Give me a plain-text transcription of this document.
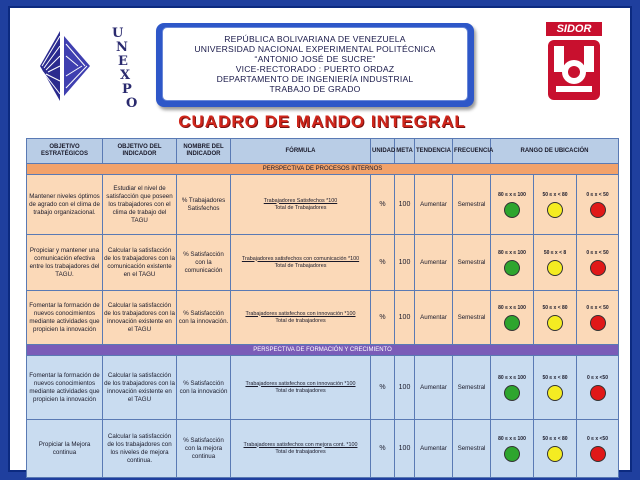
U
N
E
X
P
O
REPÚBLICA BOLIVARIANA DE VENEZUELA
UNIVERSIDAD NACIONAL EXPERIMENTAL POLITÉCNICA
“ANTONIO JOSÉ DE SUCRE”
VICE-RECTORADO : PUERTO ORDAZ
DEPARTAMENTO DE INGENIERÍA INDUSTRIAL
TRABAJO DE GRADO
SIDOR
CUADRO DE MANDO INTEGRAL
OBJETIVO ESTRATÉGICOS	OBJETIVO DEL INDICADOR	NOMBRE DEL INDICADOR	FÓRMULA	UNIDAD	META	TENDENCIA	FRECUENCIA	RANGO DE UBICACIÓN		
PERSPECTIVA DE PROCESOS INTERNOS										
Mantener niveles óptimos de agrado con el clima de trabajo organizacional.	Estudiar el nivel de satisfacción que poseen los trabajadores con el clima de trabajo del TAGU	% Trabajadores Satisfechos	Trabajadores Satisfechos *100
Total de Trabajadores	%	100	Aumentar	Semestral	80 ≤ x ≤ 100	50 ≤ x < 80	0 ≤ x < 50

Propiciar y mantener una comunicación efectiva entre los trabajadores del TAGU.	Calcular la satisfacción de los trabajadores con la comunicación existente en el TAGU	% Satisfacción con la comunicación	Trabajadores satisfechos con comunicación *100
Total de Trabajadores	%	100	Aumentar	Semestral	80 ≤ x ≤ 100	50 ≤ x < 8	0 ≤ x < 50

Fomentar la formación de nuevos conocimientos mediante actividades que propicien la innovación	Calcular la satisfacción de los trabajadores con la innovación existente en el TAGU	% Satisfacción con la innovación.	Trabajadores satisfechos con innovación *100
Total de trabajadores	%	100	Aumentar	Semestral	80 ≤ x ≤ 100	50 ≤ x < 80	0 ≤ x < 50

PERSPECTIVA DE FORMACIÓN Y CRECIMIENTO										
Fomentar la formación de nuevos conocimientos mediante actividades que propicien la innovación	Calcular la satisfacción de los trabajadores con la innovación existente en el TAGU	% Satisfacción con la innovación	Trabajadores satisfechos con innovación *100
Total de trabajadores	%	100	Aumentar	Semestral	80 ≤ x ≤ 100	50 ≤ x < 80	0 ≤ x <50

Propiciar la Mejora continua	Calcular la satisfacción de los trabajadores con los niveles de mejora continua.	% Satisfacción con la mejora continua	Trabajadores satisfechos con mejora cont. *100
Total de trabajadores	%	100	Aumentar	Semestral	80 ≤ x ≤ 100	50 ≤ x < 80	0 ≤ x <50
